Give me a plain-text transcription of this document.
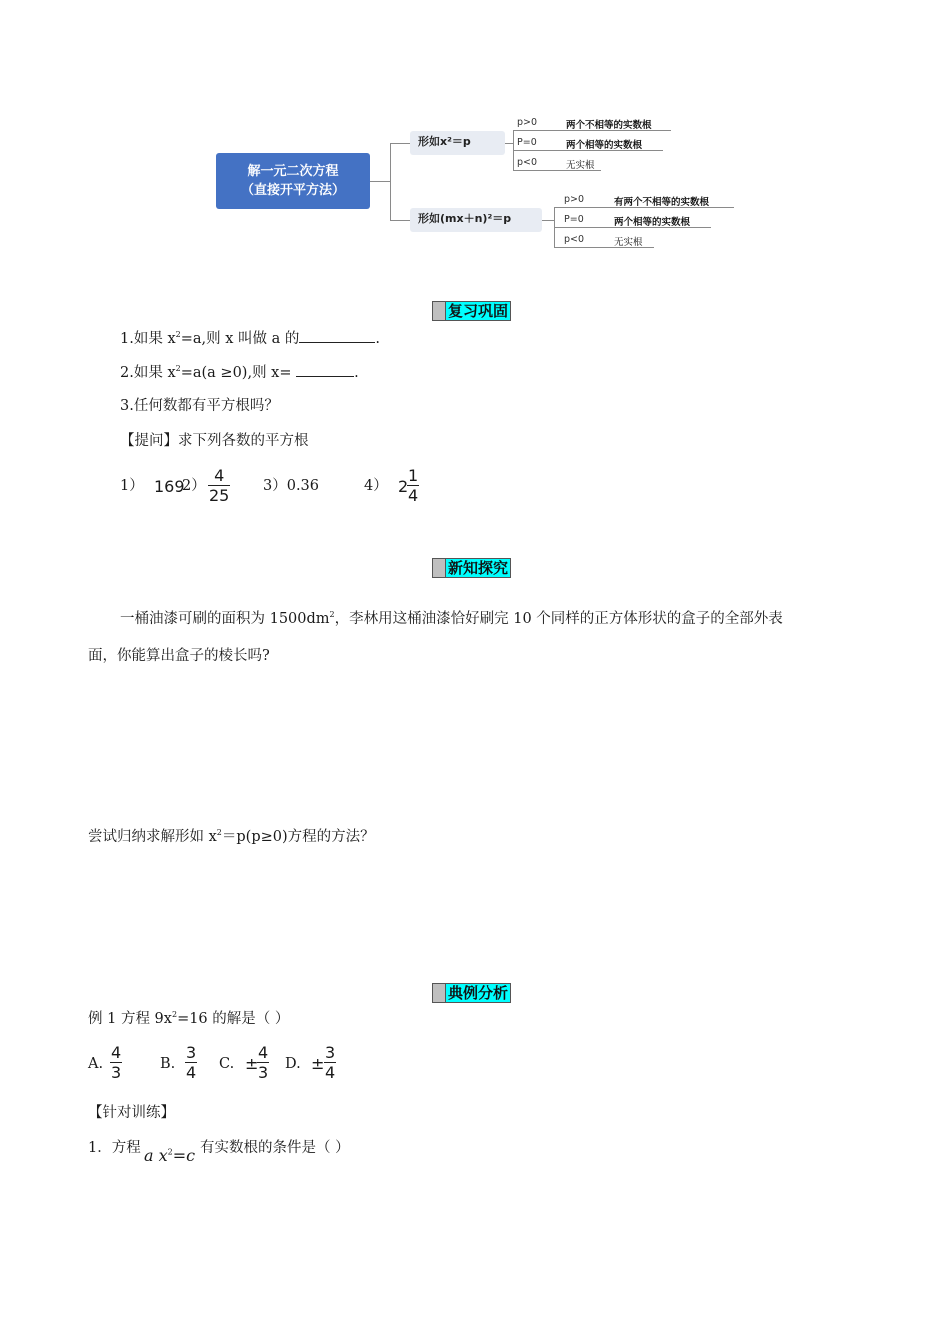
解一元二次方程
（直接开平方法）
形如x²＝p
p>0	两个不相等的实数根
P=0	两个相等的实数根
p<0	无实根
形如(mx＋n)²＝p
p>0	有两个不相等的实数根
P=0	两个相等的实数根
p<0	无实根
复习巩固
1.如果 $x^2=a$,则 x 叫做 a 的	.
2.如果 $x^2=a(a \ge 0)$,则 x=	.
3.任何数都有平方根吗？
【提问】求下列各数的平方根
1） 169
$2) \frac{4}{25} 3)0.36$	4） 2
$\frac{1}{4}$
新知探究
一桶油漆可刷的面积为 $1500dm^2$，李林用这桶油漆恰好刷完 10 个同样的正方体形状的盒子的全部外表
面，你能算出盒子的棱长吗?
尝试归纳求解形如 $x^2=p(p\ge 0)$方程的方法？
典例分析
例 1 方程 $9x^2=16$ 的解是（ ）
A. $\frac{4}{3}$	B. $\frac{3}{4} C$. ±
$\frac{4}{3} D$. ± $\frac{3}{4}$
【针对训练】
1．方程 a $x^2=c$ 有实数根的条件是（ ）
